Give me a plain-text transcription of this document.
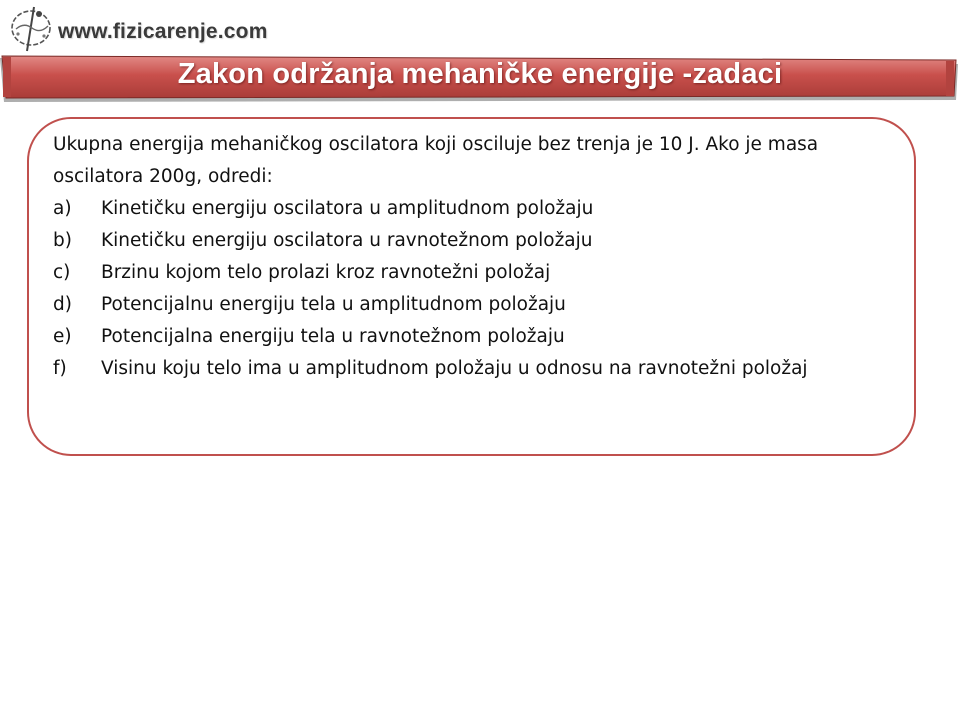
www.fizicarenje.com
Zakon održanja mehaničke energije -zadaci

Ukupna energija mehaničkog oscilatora koji osciluje bez trenja je 10 J. Ako je masa oscilatora 200g, odredi:

a)	Kinetičku energiju oscilatora u amplitudnom položaju
b)	Kinetičku energiju oscilatora u ravnotežnom položaju
c)	Brzinu kojom telo prolazi kroz ravnotežni položaj
d)	Potencijalnu energiju tela u amplitudnom položaju
e)	Potencijalna energiju tela u ravnotežnom položaju
f)	Visinu koju telo ima u amplitudnom položaju u odnosu na ravnotežni položaj
